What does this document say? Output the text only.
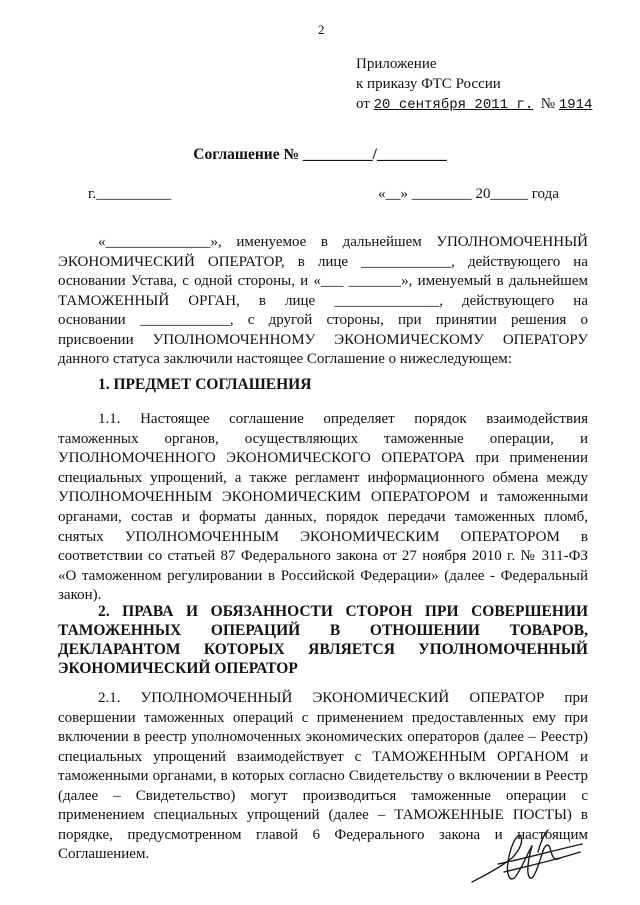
2
Приложение
к приказу ФТС России
от 20 сентября 2011 г. № 1914
Соглашение № _________/_________
г.__________	«__» ________ 20_____ года
«______________», именуемое в дальнейшем УПОЛНОМОЧЕННЫЙ
ЭКОНОМИЧЕСКИЙ ОПЕРАТОР, в лице ____________, действующего на
основании Устава, с одной стороны, и «___ _______», именуемый в дальнейшем
ТАМОЖЕННЫЙ ОРГАН, в лице ______________, действующего на
основании ____________, с другой стороны, при принятии решения о
присвоении УПОЛНОМОЧЕННОМУ ЭКОНОМИЧЕСКОМУ ОПЕРАТОРУ
данного статуса заключили настоящее Соглашение о нижеследующем:
1. ПРЕДМЕТ СОГЛАШЕНИЯ
1.1. Настоящее соглашение определяет порядок взаимодействия
таможенных органов, осуществляющих таможенные операции, и
УПОЛНОМОЧЕННОГО ЭКОНОМИЧЕСКОГО ОПЕРАТОРА при применении
специальных упрощений, а также регламент информационного обмена между
УПОЛНОМОЧЕННЫМ ЭКОНОМИЧЕСКИМ ОПЕРАТОРОМ и таможенными
органами, состав и форматы данных, порядок передачи таможенных пломб,
снятых УПОЛНОМОЧЕННЫМ ЭКОНОМИЧЕСКИМ ОПЕРАТОРОМ в
соответствии со статьей 87 Федерального закона от 27 ноября 2010 г. № 311-ФЗ
«О таможенном регулировании в Российской Федерации» (далее - Федеральный
закон).
2. ПРАВА И ОБЯЗАННОСТИ СТОРОН ПРИ СОВЕРШЕНИИ
ТАМОЖЕННЫХ ОПЕРАЦИЙ В ОТНОШЕНИИ ТОВАРОВ,
ДЕКЛАРАНТОМ КОТОРЫХ ЯВЛЯЕТСЯ УПОЛНОМОЧЕННЫЙ
ЭКОНОМИЧЕСКИЙ ОПЕРАТОР
2.1. УПОЛНОМОЧЕННЫЙ ЭКОНОМИЧЕСКИЙ ОПЕРАТОР при
совершении таможенных операций с применением предоставленных ему при
включении в реестр уполномоченных экономических операторов (далее – Реестр)
специальных упрощений взаимодействует с ТАМОЖЕННЫМ ОРГАНОМ и
таможенными органами, в которых согласно Свидетельству о включении в Реестр
(далее – Свидетельство) могут производиться таможенные операции с
применением специальных упрощений (далее – ТАМОЖЕННЫЕ ПОСТЫ) в
порядке, предусмотренном главой 6 Федерального закона и настоящим
Соглашением.
